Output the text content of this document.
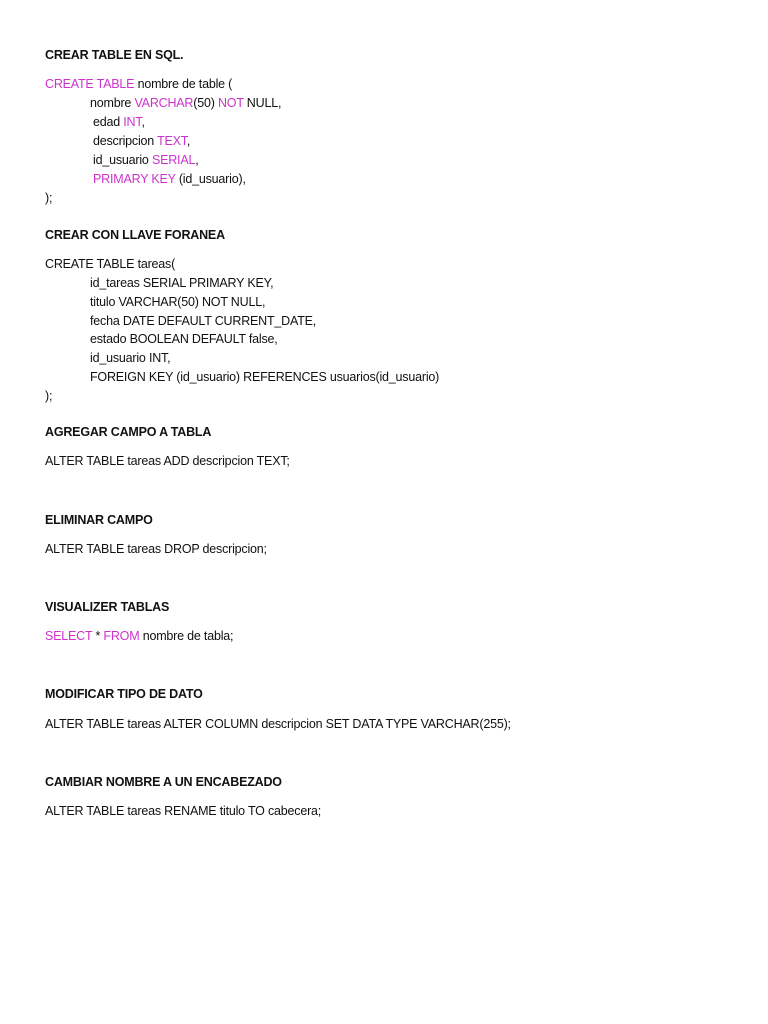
CREAR TABLE EN SQL.
CREATE TABLE nombre de table (
nombre VARCHAR(50) NOT NULL,
edad INT,
descripcion TEXT,
id_usuario SERIAL,
PRIMARY KEY (id_usuario),
);
CREAR CON LLAVE FORANEA
CREATE TABLE tareas(
id_tareas SERIAL PRIMARY KEY,
titulo VARCHAR(50) NOT NULL,
fecha DATE DEFAULT CURRENT_DATE,
estado BOOLEAN DEFAULT false,
id_usuario INT,
FOREIGN KEY (id_usuario) REFERENCES usuarios(id_usuario)
);
AGREGAR CAMPO A TABLA
ALTER TABLE tareas ADD descripcion TEXT;
ELIMINAR CAMPO
ALTER TABLE tareas DROP descripcion;
VISUALIZER TABLAS
SELECT * FROM nombre de tabla;
MODIFICAR TIPO DE DATO
ALTER TABLE tareas ALTER COLUMN descripcion SET DATA TYPE VARCHAR(255);
CAMBIAR NOMBRE A UN ENCABEZADO
ALTER TABLE tareas RENAME titulo TO cabecera;
